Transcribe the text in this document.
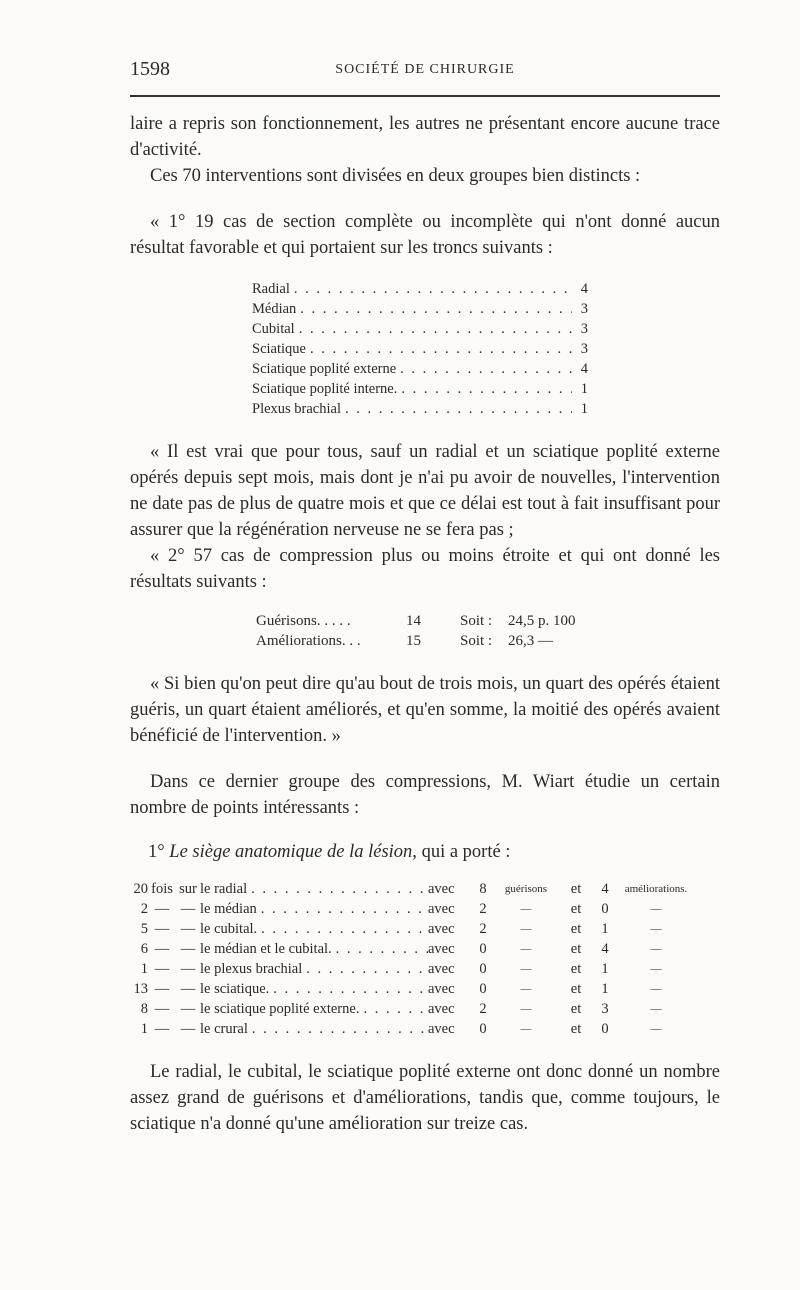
1598	SOCIÉTÉ DE CHIRURGIE

laire a repris son fonctionnement, les autres ne présentant encore aucune trace d'activité.

Ces 70 interventions sont divisées en deux groupes bien distincts :

« 1° 19 cas de section complète ou incomplète qui n'ont donné aucun résultat favorable et qui portaient sur les troncs suivants :

Radial . . .	4
Médian . . .	3
Cubital . . .	3
Sciatique . . .	3
Sciatique poplité externe . . .	4
Sciatique poplité interne. . . .	1
Plexus brachial . . .	1

« Il est vrai que pour tous, sauf un radial et un sciatique poplité externe opérés depuis sept mois, mais dont je n'ai pu avoir de nouvelles, l'intervention ne date pas de plus de quatre mois et que ce délai est tout à fait insuffisant pour assurer que la régénération nerveuse ne se fera pas ;

« 2° 57 cas de compression plus ou moins étroite et qui ont donné les résultats suivants :

Guérisons. . . . .	14	Soit :	24,5 p. 100
Améliorations. . .	15	Soit :	26,3 —

« Si bien qu'on peut dire qu'au bout de trois mois, un quart des opérés étaient guéris, un quart étaient améliorés, et qu'en somme, la moitié des opérés avaient bénéficié de l'intervention. »

Dans ce dernier groupe des compressions, M. Wiart étudie un certain nombre de points intéressants :

1° Le siège anatomique de la lésion, qui a porté :

20 fois sur le radial . . .	avec	8	guérisons	et	4	améliorations.
2 — — le médian . . .	avec	2	—	et	0	—
5 — — le cubital. . . .	avec	2	—	et	1	—
6 — — le médian et le cubital. . . .	avec	0	—	et	4	—
1 — — le plexus brachial . . .	avec	0	—	et	1	—
13 — — le sciatique. . . .	avec	0	—	et	1	—
8 — — le sciatique poplité externe. . . .	avec	2	—	et	3	—
1 — — le crural . . .	avec	0	—	et	0	—

Le radial, le cubital, le sciatique poplité externe ont donc donné un nombre assez grand de guérisons et d'améliorations, tandis que, comme toujours, le sciatique n'a donné qu'une amélioration sur treize cas.
